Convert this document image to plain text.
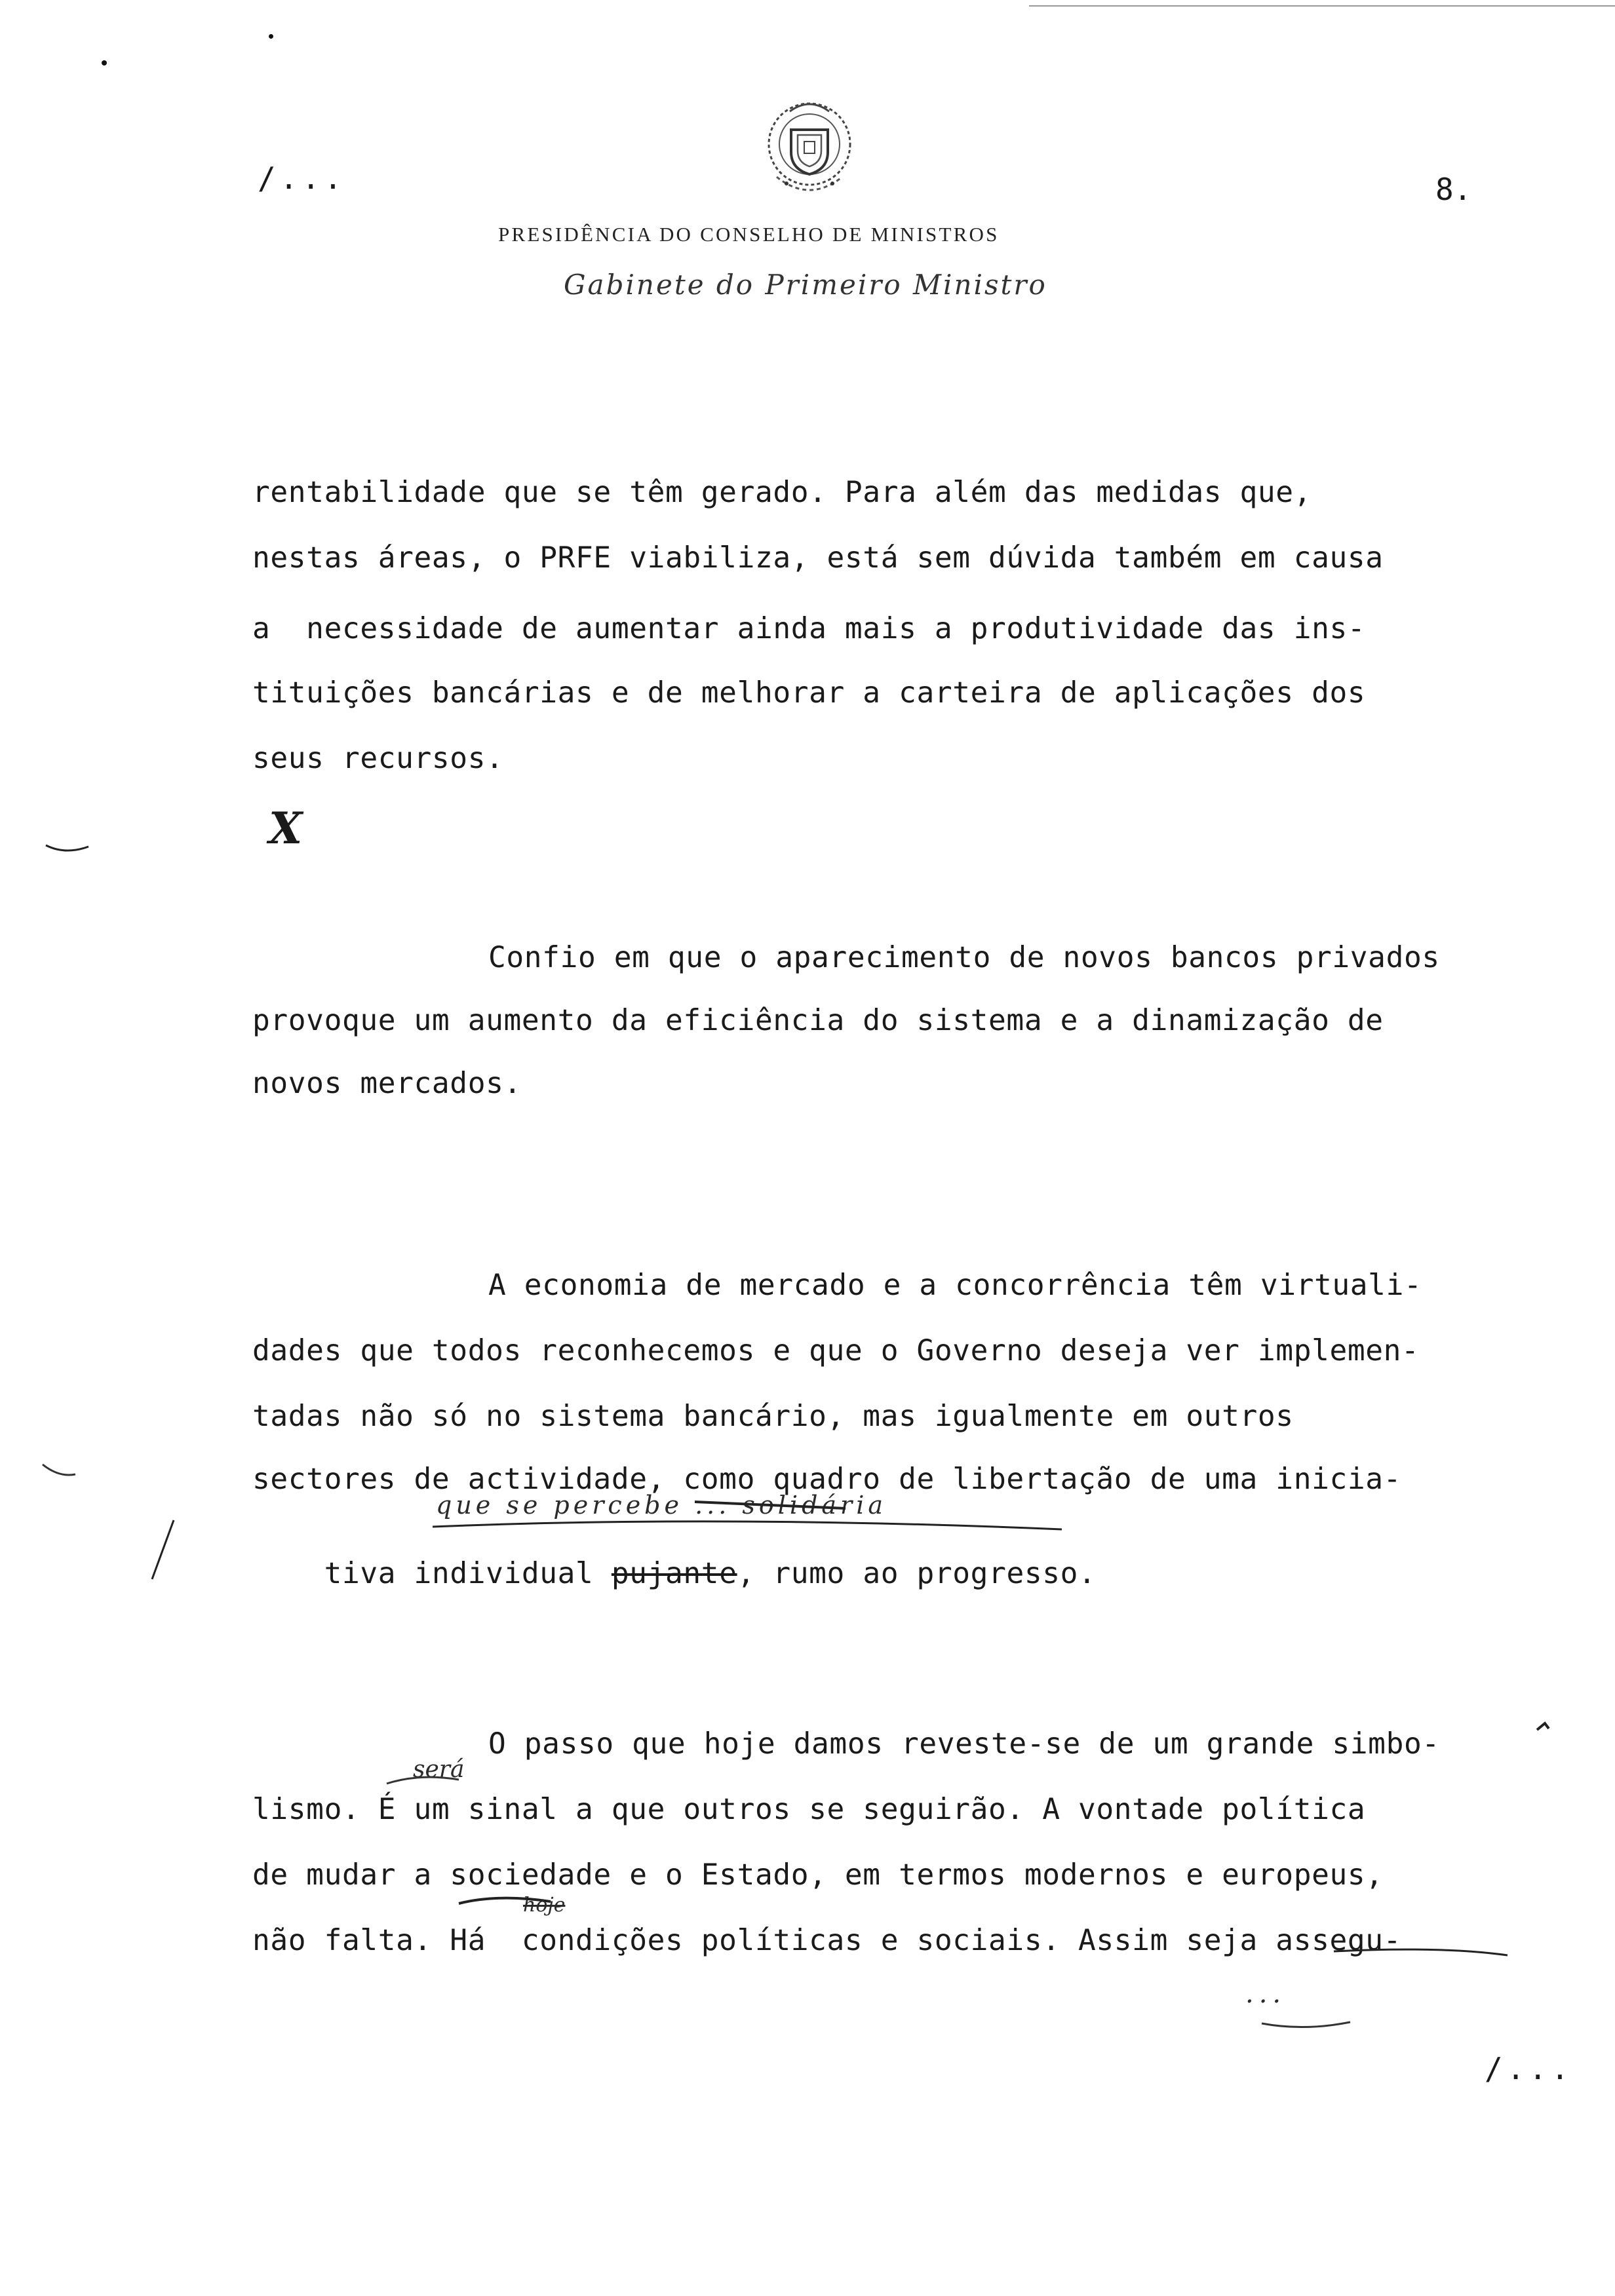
/...	8.
PRESIDÊNCIA DO CONSELHO DE MINISTROS
Gabinete do Primeiro Ministro
rentabilidade que se têm gerado. Para além das medidas que,
nestas áreas, o PRFE viabiliza, está sem dúvida também em causa
a  necessidade de aumentar ainda mais a produtividade das ins-
tituições bancárias e de melhorar a carteira de aplicações dos
seus recursos.
X
Confio em que o aparecimento de novos bancos privados
provoque um aumento da eficiência do sistema e a dinamização de
novos mercados.
A economia de mercado e a concorrência têm virtuali-
dades que todos reconhecemos e que o Governo deseja ver implemen-
tadas não só no sistema bancário, mas igualmente em outros
sectores de actividade, como quadro de libertação de uma inicia-

tiva individual pujante, rumo ao progresso.

que se percebe ... solidária
O passo que hoje damos reveste-se de um grande simbo-
será
lismo. É um sinal a que outros se seguirão. A vontade política
de mudar a sociedade e o Estado, em termos modernos e europeus,
hoje
não falta. Há  condições políticas e sociais. Assim seja assegu-
...
/...
